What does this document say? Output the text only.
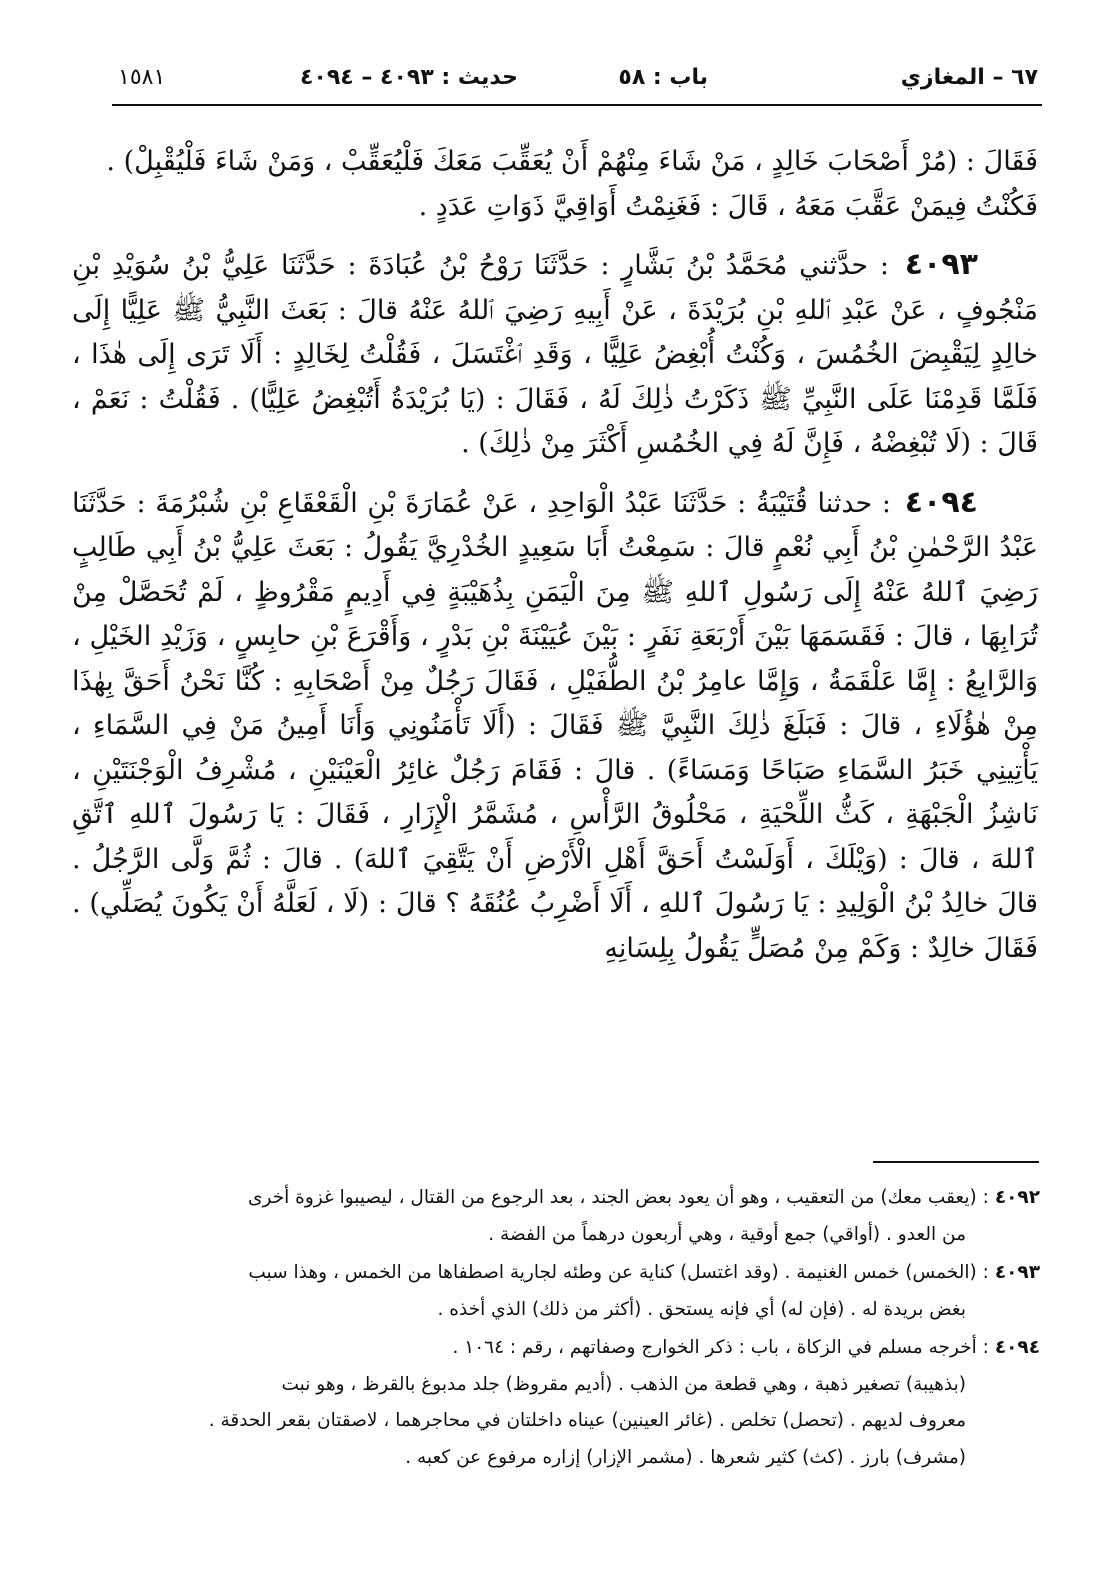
٦٧ – المغازي
باب : ٥٨
حديث : ٤٠٩٣ – ٤٠٩٤
١٥٨١

فَقَالَ : (مُرْ أَصْحَابَ خَالِدٍ ، مَنْ شَاءَ مِنْهُمْ أَنْ يُعَقِّبَ مَعَكَ فَلْيُعَقِّبْ ، وَمَنْ شَاءَ فَلْيُقْبِلْ) .

فَكُنْتُ فِيمَنْ عَقَّبَ مَعَهُ ، قَالَ : فَغَنِمْتُ أَوَاقِيَّ ذَوَاتِ عَدَدٍ .

٤٠٩٣ : حدَّثني مُحَمَّدُ بْنُ بَشَّارٍ : حَدَّثَنَا رَوْحُ بْنُ عُبَادَةَ : حَدَّثَنَا عَلِيُّ بْنُ سُوَيْدِ بْنِ مَنْجُوفٍ ، عَنْ عَبْدِ ٱللهِ بْنِ بُرَيْدَةَ ، عَنْ أَبِيهِ رَضِيَ ٱللهُ عَنْهُ قالَ : بَعَثَ النَّبِيُّ ﷺ عَلِيًّا إِلَى خالِدٍ لِيَقْبِضَ الخُمُسَ ، وَكُنْتُ أُبْغِضُ عَلِيًّا ، وَقَدِ ٱغْتَسَلَ ، فَقُلْتُ لِخَالِدٍ : أَلَا تَرَى إِلَى هٰذَا ، فَلَمَّا قَدِمْنَا عَلَى النَّبِيِّ ﷺ ذَكَرْتُ ذٰلِكَ لَهُ ، فَقَالَ : (يَا بُرَيْدَةُ أَتُبْغِضُ عَلِيًّا) . فَقُلْتُ : نَعَمْ ، قَالَ : (لَا تُبْغِضْهُ ، فَإِنَّ لَهُ فِي الخُمُسِ أَكْثَرَ مِنْ ذٰلِكَ) .

٤٠٩٤ : حدثنا قُتَيْبَةُ : حَدَّثَنَا عَبْدُ الْوَاحِدِ ، عَنْ عُمَارَةَ بْنِ الْقَعْقَاعِ بْنِ شُبْرُمَةَ : حَدَّثَنَا عَبْدُ الرَّحْمٰنِ بْنُ أَبِي نُعْمٍ قالَ : سَمِعْتُ أَبَا سَعِيدٍ الخُدْرِيَّ يَقُولُ : بَعَثَ عَلِيُّ بْنُ أَبِي طَالِبٍ رَضِيَ ٱللهُ عَنْهُ إِلَى رَسُولِ ٱللهِ ﷺ مِنَ الْيَمَنِ بِذُهَيْبَةٍ فِي أَدِيمٍ مَقْرُوظٍ ، لَمْ تُحَصَّلْ مِنْ تُرَابِهَا ، قالَ : فَقَسَمَهَا بَيْنَ أَرْبَعَةِ نَفَرٍ : بَيْنَ عُيَيْنَةَ بْنِ بَدْرٍ ، وَأَقْرَعَ بْنِ حابِسٍ ، وَزَيْدِ الخَيْلِ ، وَالرَّابِعُ : إِمَّا عَلْقَمَةُ ، وَإِمَّا عامِرُ بْنُ الطُّفَيْلِ ، فَقَالَ رَجُلٌ مِنْ أَصْحَابِهِ : كُنَّا نَحْنُ أَحَقَّ بِهٰذَا مِنْ هٰؤُلَاءِ ، قالَ : فَبَلَغَ ذٰلِكَ النَّبِيَّ ﷺ فَقَالَ : (أَلَا تَأْمَنُونِي وَأَنَا أَمِينُ مَنْ فِي السَّمَاءِ ، يَأْتِينِي خَبَرُ السَّمَاءِ صَبَاحًا وَمَسَاءً) . قالَ : فَقَامَ رَجُلٌ غائِرُ الْعَيْنَيْنِ ، مُشْرِفُ الْوَجْنَتَيْنِ ، نَاشِزُ الْجَبْهَةِ ، كَثُّ اللِّحْيَةِ ، مَحْلُوقُ الرَّأْسِ ، مُشَمَّرُ الْإِزَارِ ، فَقَالَ : يَا رَسُولَ ٱللهِ ٱتَّقِ ٱللهَ ، قالَ : (وَيْلَكَ ، أَوَلَسْتُ أَحَقَّ أَهْلِ الْأَرْضِ أَنْ يَتَّقِيَ ٱللهَ) . قالَ : ثُمَّ وَلَّى الرَّجُلُ . قالَ خالِدُ بْنُ الْوَلِيدِ : يَا رَسُولَ ٱللهِ ، أَلَا أَضْرِبُ عُنُقَهُ ؟ قالَ : (لَا ، لَعَلَّهُ أَنْ يَكُونَ يُصَلِّي) . فَقَالَ خالِدٌ : وَكَمْ مِنْ مُصَلٍّ يَقُولُ بِلِسَانِهِ

٤٠٩٢: (يعقب معك) من التعقيب ، وهو أن يعود بعض الجند ، بعد الرجوع من القتال ، ليصيبوا غزوة أخرى
من العدو . (أواقي) جمع أوقية ، وهي أربعون درهماً من الفضة .
٤٠٩٣: (الخمس) خمس الغنيمة . (وقد اغتسل) كناية عن وطئه لجارية اصطفاها من الخمس ، وهذا سبب
بغض بريدة له . (فإن له) أي فإنه يستحق . (أكثر من ذلك) الذي أخذه .
٤٠٩٤: أخرجه مسلم في الزكاة ، باب : ذكر الخوارج وصفاتهم ، رقم : ١٠٦٤ .
(بذهيبة) تصغير ذهبة ، وهي قطعة من الذهب . (أديم مقروظ) جلد مدبوغ بالقرظ ، وهو نبت
معروف لديهم . (تحصل) تخلص . (غائر العينين) عيناه داخلتان في محاجرهما ، لاصقتان بقعر الحدقة .
(مشرف) بارز . (كث) كثير شعرها . (مشمر الإزار) إزاره مرفوع عن كعبه .
